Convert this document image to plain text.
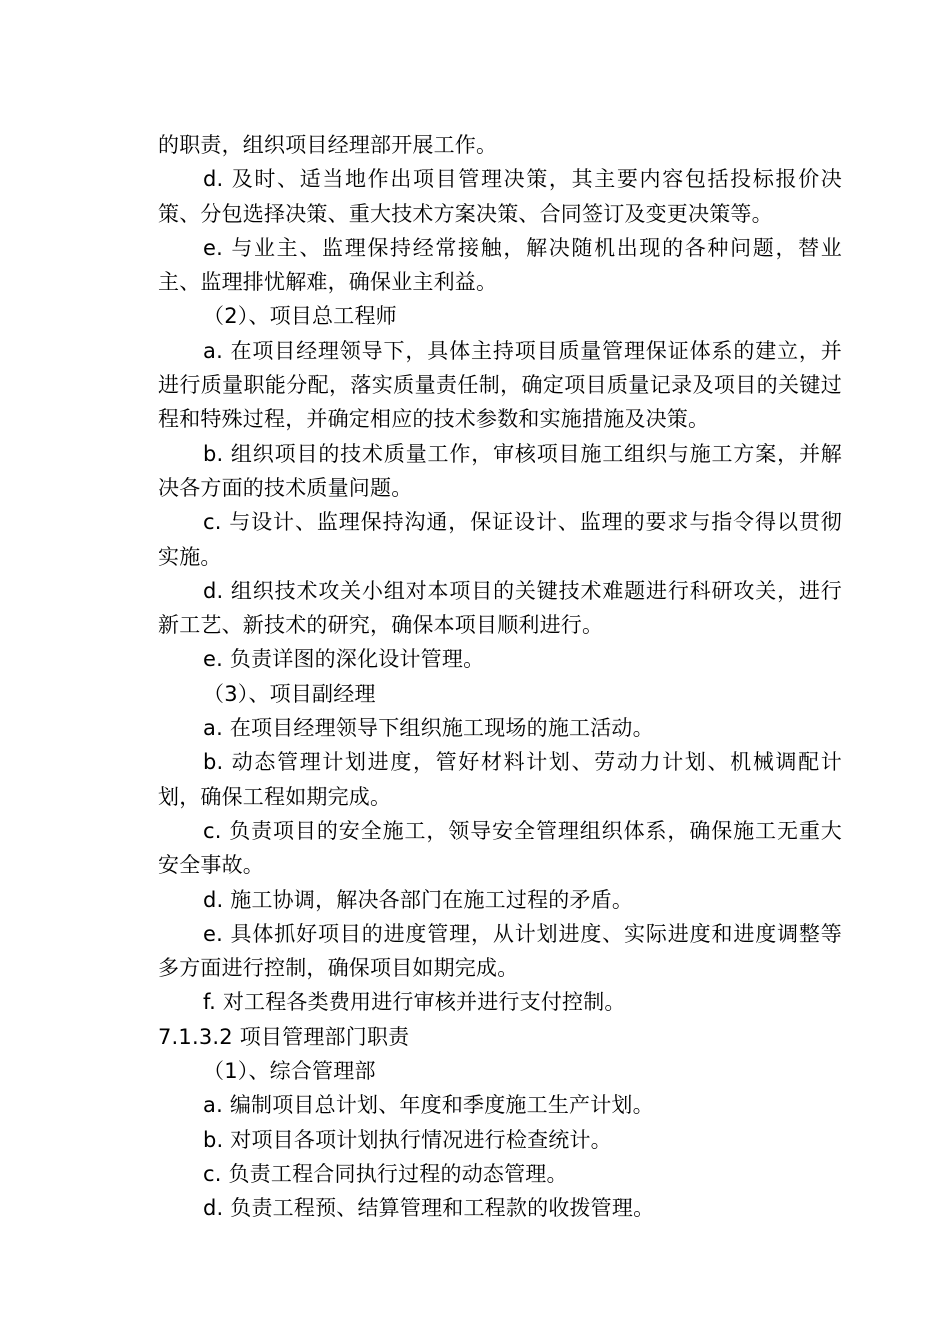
的职责，组织项目经理部开展工作。

d. 及时、适当地作出项目管理决策，其主要内容包括投标报价决策、分包选择决策、重大技术方案决策、合同签订及变更决策等。

e. 与业主、监理保持经常接触，解决随机出现的各种问题，替业主、监理排忧解难，确保业主利益。

（2）、项目总工程师

a. 在项目经理领导下，具体主持项目质量管理保证体系的建立，并进行质量职能分配，落实质量责任制，确定项目质量记录及项目的关键过程和特殊过程，并确定相应的技术参数和实施措施及决策。

b. 组织项目的技术质量工作，审核项目施工组织与施工方案，并解决各方面的技术质量问题。

c. 与设计、监理保持沟通，保证设计、监理的要求与指令得以贯彻实施。

d. 组织技术攻关小组对本项目的关键技术难题进行科研攻关，进行新工艺、新技术的研究，确保本项目顺利进行。

e. 负责详图的深化设计管理。

（3）、项目副经理

a. 在项目经理领导下组织施工现场的施工活动。

b. 动态管理计划进度，管好材料计划、劳动力计划、机械调配计划，确保工程如期完成。

c. 负责项目的安全施工，领导安全管理组织体系，确保施工无重大安全事故。

d. 施工协调，解决各部门在施工过程的矛盾。

e. 具体抓好项目的进度管理，从计划进度、实际进度和进度调整等多方面进行控制，确保项目如期完成。

f. 对工程各类费用进行审核并进行支付控制。

7.1.3.2 项目管理部门职责

（1）、综合管理部

a. 编制项目总计划、年度和季度施工生产计划。

b. 对项目各项计划执行情况进行检查统计。

c. 负责工程合同执行过程的动态管理。

d. 负责工程预、结算管理和工程款的收拨管理。
